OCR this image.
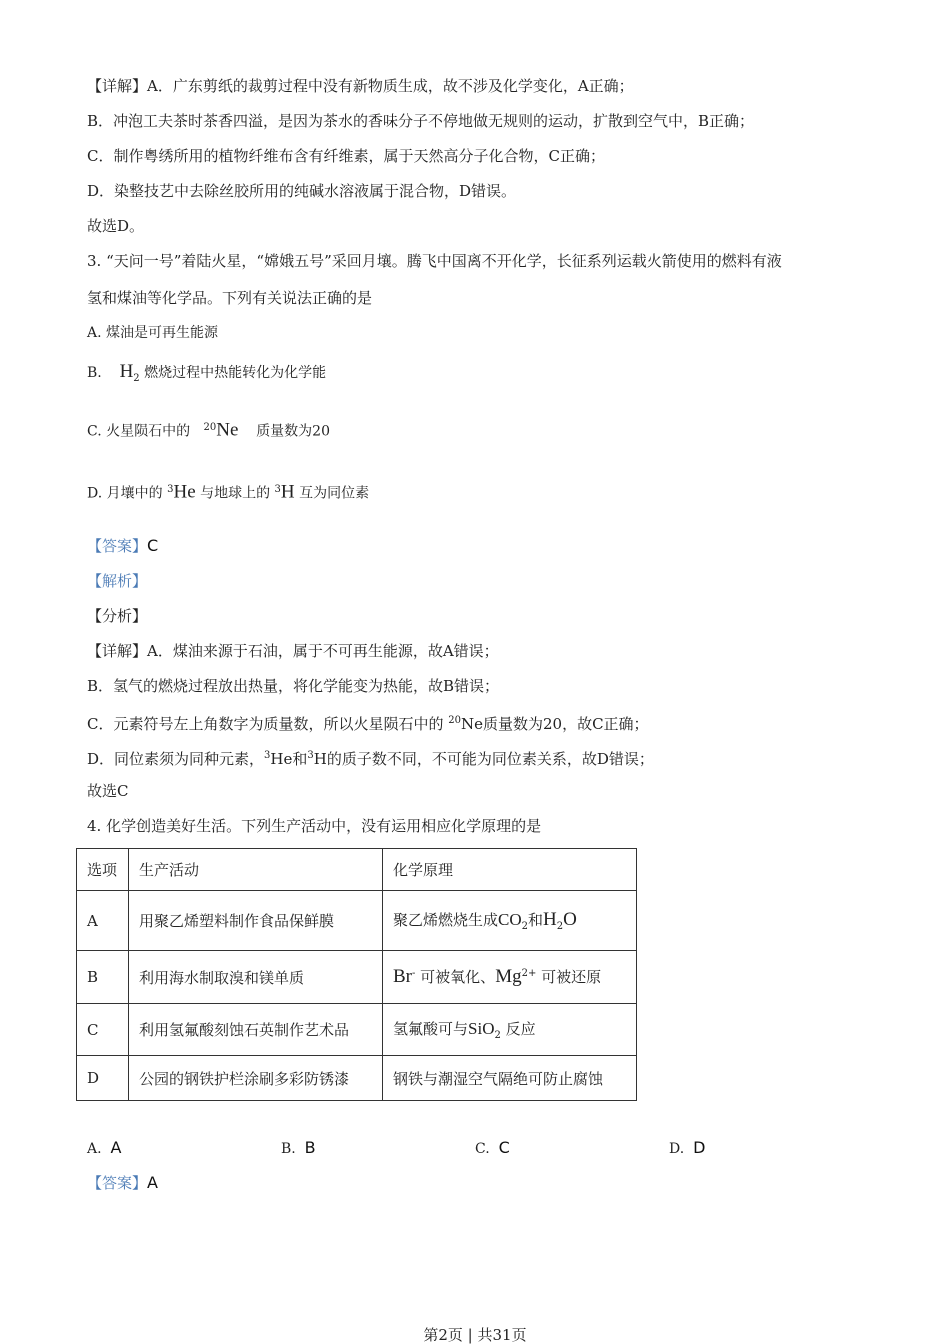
【详解】A．广东剪纸的裁剪过程中没有新物质生成，故不涉及化学变化，A正确；
B．冲泡工夫茶时茶香四溢，是因为茶水的香味分子不停地做无规则的运动，扩散到空气中，B正确；
C．制作粤绣所用的植物纤维布含有纤维素，属于天然高分子化合物，C正确；
D．染整技艺中去除丝胶所用的纯碱水溶液属于混合物，D错误。
故选D。
3. “天问一号”着陆火星，“嫦娥五号”采回月壤。腾飞中国离不开化学，长征系列运载火箭使用的燃料有液
氢和煤油等化学品。下列有关说法正确的是
A. 煤油是可再生能源
B. $H_2$ 燃烧过程中热能转化为化学能
C. 火星陨石中的 $^{20}$Ne 质量数为20
D. 月壤中的 $^3$He 与地球上的 $^3$H 互为同位素
【答案】C
【解析】
【分析】
【详解】A．煤油来源于石油，属于不可再生能源，故A错误；
B．氢气的燃烧过程放出热量，将化学能变为热能，故B错误；
C．元素符号左上角数字为质量数，所以火星陨石中的 $^{20}$Ne质量数为20，故C正确；
D．同位素须为同种元素，$^3$He和$^3$H的质子数不同，不可能为同位素关系，故D错误；
故选C
4. 化学创造美好生活。下列生产活动中，没有运用相应化学原理的是
选项	生产活动	化学原理
A	用聚乙烯塑料制作食品保鲜膜	聚乙烯燃烧生成$CO_2$和$H_2O$
B	利用海水制取溴和镁单质	Br- 可被氧化、$Mg^{2+}$ 可被还原
C	利用氢氟酸刻蚀石英制作艺术品	氢氟酸可与SiO$_2$ 反应
D	公园的钢铁护栏涂刷多彩防锈漆	钢铁与潮湿空气隔绝可防止腐蚀
A. A	B. B	C. C	D. D
【答案】A
第2页 | 共31页
